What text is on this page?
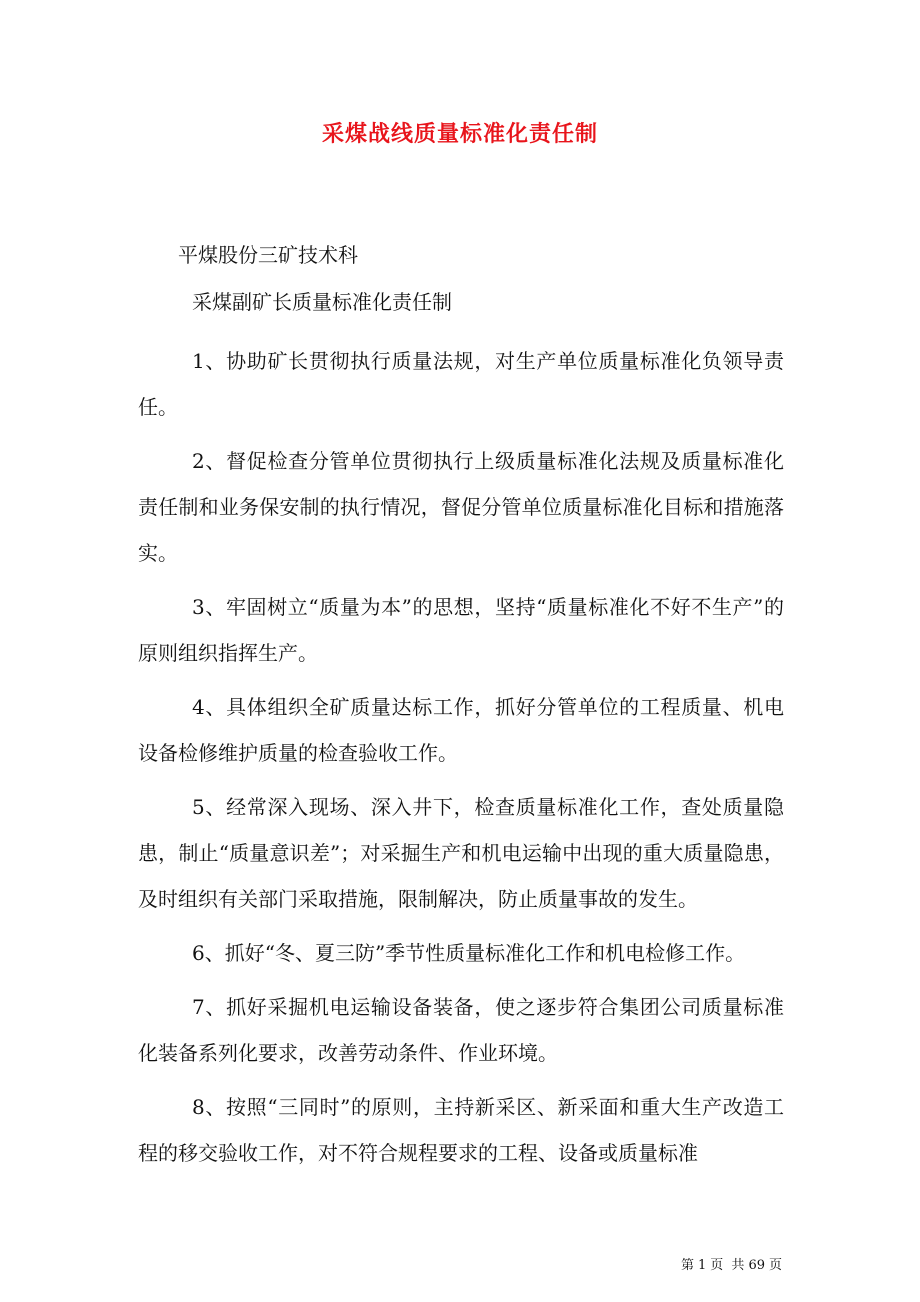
采煤战线质量标准化责任制
平煤股份三矿技术科
采煤副矿长质量标准化责任制

1、协助矿长贯彻执行质量法规，对生产单位质量标准化负领导责任。

2、督促检查分管单位贯彻执行上级质量标准化法规及质量标准化责任制和业务保安制的执行情况，督促分管单位质量标准化目标和措施落实。

3、牢固树立“质量为本”的思想，坚持“质量标准化不好不生产”的原则组织指挥生产。

4、具体组织全矿质量达标工作，抓好分管单位的工程质量、机电设备检修维护质量的检查验收工作。

5、经常深入现场、深入井下，检查质量标准化工作，查处质量隐患，制止“质量意识差”；对采掘生产和机电运输中出现的重大质量隐患，及时组织有关部门采取措施，限制解决，防止质量事故的发生。

6、抓好“冬、夏三防”季节性质量标准化工作和机电检修工作。

7、抓好采掘机电运输设备装备，使之逐步符合集团公司质量标准化装备系列化要求，改善劳动条件、作业环境。

8、按照“三同时”的原则，主持新采区、新采面和重大生产改造工程的移交验收工作，对不符合规程要求的工程、设备或质量标准

第 1 页 共 69 页
